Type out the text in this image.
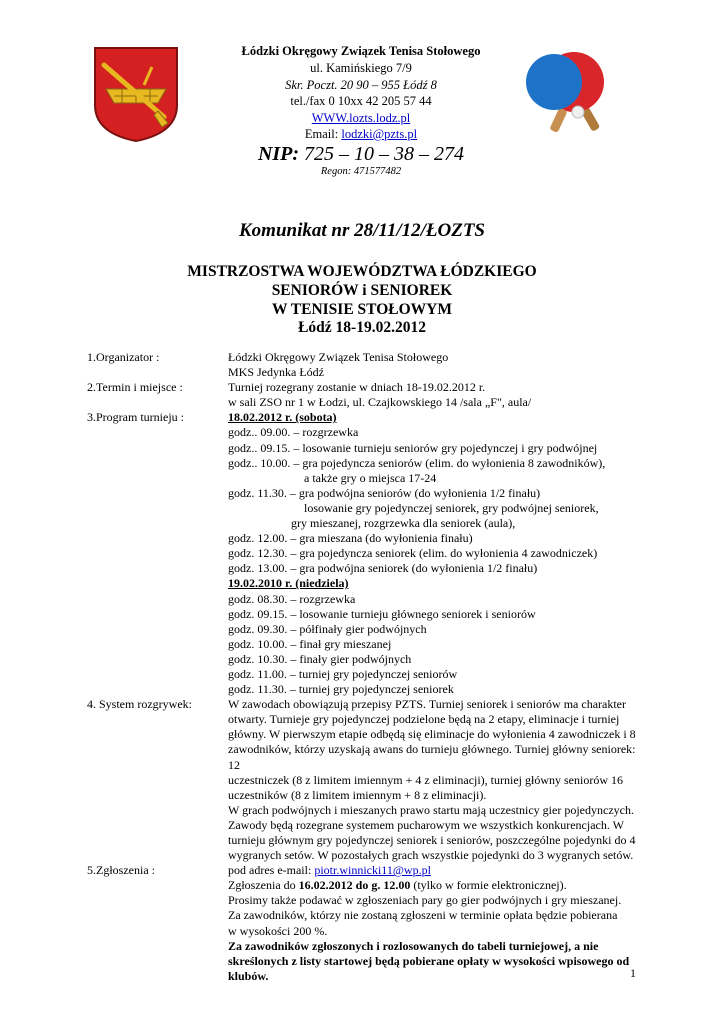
Łódzki Okręgowy Związek Tenisa Stołowego
ul. Kamińskiego 7/9
Skr. Poczt. 20 90 – 955 Łódź 8
tel./fax 0 10xx 42 205 57 44
WWW.lozts.lodz.pl
Email: lodzki@pzts.pl
NIP: 725 – 10 – 38 – 274
Regon: 471577482
Komunikat nr 28/11/12/ŁOZTS
MISTRZOSTWA WOJEWÓDZTWA ŁÓDZKIEGO
SENIORÓW i SENIOREK
W TENISIE STOŁOWYM
Łódź 18-19.02.2012
1.Organizator :	Łódzki Okręgowy Związek Tenisa Stołowego
MKS Jedynka Łódź
2.Termin i miejsce :	Turniej rozegrany zostanie w dniach 18-19.02.2012 r.
w sali ZSO nr 1 w Łodzi, ul. Czajkowskiego 14 /sala „F", aula/
3.Program turnieju :	18.02.2012 r. (sobota)
godz.. 09.00. – rozgrzewka
godz.. 09.15. – losowanie turnieju seniorów gry pojedynczej i gry podwójnej
godz.. 10.00. – gra pojedyncza seniorów (elim. do wyłonienia 8 zawodników),
a także gry o miejsca 17-24
godz. 11.30. – gra podwójna seniorów (do wyłonienia 1/2 finału)
losowanie gry pojedynczej seniorek, gry podwójnej seniorek,
gry mieszanej, rozgrzewka dla seniorek (aula),
godz. 12.00. – gra mieszana (do wyłonienia finału)
godz. 12.30. – gra pojedyncza seniorek (elim. do wyłonienia 4 zawodniczek)
godz. 13.00. – gra podwójna seniorek (do wyłonienia 1/2 finału)
19.02.2010 r. (niedziela)
godz. 08.30. – rozgrzewka
godz. 09.15. – losowanie turnieju głównego seniorek i seniorów
godz. 09.30. – półfinały gier podwójnych
godz. 10.00. – finał gry mieszanej
godz. 10.30. – finały gier podwójnych
godz. 11.00. – turniej gry pojedynczej seniorów
godz. 11.30. – turniej gry pojedynczej seniorek
4. System rozgrywek:	W zawodach obowiązują przepisy PZTS. Turniej seniorek i seniorów ma charakter
otwarty. Turnieje gry pojedynczej podzielone będą na 2 etapy, eliminacje i turniej
główny. W pierwszym etapie odbędą się eliminacje do wyłonienia 4 zawodniczek i 8
zawodników, którzy uzyskają awans do turnieju głównego. Turniej główny seniorek: 12
uczestniczek (8 z limitem imiennym + 4 z eliminacji), turniej główny seniorów 16
uczestników (8 z limitem imiennym + 8 z eliminacji).
W grach podwójnych i mieszanych prawo startu mają uczestnicy gier pojedynczych.
Zawody będą rozegrane systemem pucharowym we wszystkich konkurencjach. W
turnieju głównym gry pojedynczej seniorek i seniorów, poszczególne pojedynki do 4
wygranych setów. W pozostałych grach wszystkie pojedynki do 3 wygranych setów.
5.Zgłoszenia :	pod adres e-mail: piotr.winnicki11@wp.pl
Zgłoszenia do 16.02.2012 do g. 12.00 (tylko w formie elektronicznej).
Prosimy także podawać w zgłoszeniach pary go gier podwójnych i gry mieszanej.
Za zawodników, którzy nie zostaną zgłoszeni w terminie opłata będzie pobierana
w wysokości 200 %.
Za zawodników zgłoszonych i rozlosowanych do tabeli turniejowej, a nie
skreślonych z listy startowej będą pobierane opłaty w wysokości wpisowego od
klubów.	1
